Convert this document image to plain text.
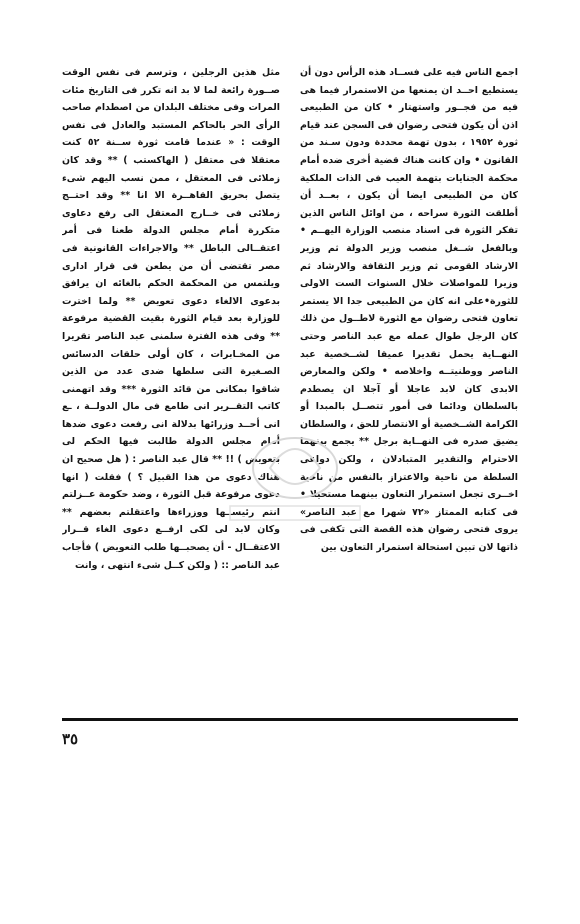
اجمع الناس فيه على فســاد هذه الرأس دون أن يستطيع احــد ان يمنعها من الاستمرار فيما هى فيه من فجــور واستهتار • كان من الطبيعى اذن أن يكون فتحى رضوان فى السجن عند قيام ثورة ١٩٥٢ ، بدون تهمة محددة ودون سـند من القانون • وان كانت هناك قضية أخرى ضده أمام محكمة الجنايات بتهمة العيب فى الذات الملكية كان من الطبيعى ايضا أن يكون ، بعــد أن أطلقت الثورة سراحه ، من اوائل الناس الذين تفكر الثورة فى اسناد منصب الوزارة اليهــم • وبالفعل شــغل منصب وزير الدولة ثم وزير الارشاد القومى ثم وزير الثقافة والارشاد ثم وزيرا للمواصلات خلال السنوات الست الاولى للثورة•على انه كان من الطبيعى جدا الا يستمر تعاون فتحى رضوان مع الثورة لاطــول من ذلك كان الرجل طوال عمله مع عبد الناصر وحتى النهــاية يحمل تقديرا عميقا لشــخصية عبد الناصر ووطنيتــه واخلاصه • ولكن والمعارض الابدى كان لابد عاجلا أو آجلا ان يصطدم بالسلطان ودائما فى أمور تتصــل بالمبدا أو الكرامة الشــخصية أو الانتصار للحق ، والسلطان يضيق صدره فى النهــاية برجل ** يجمع بينهما الاحترام والتقدير المتبادلان ، ولكن دواعى السلطة من ناحية والاعتزاز بالنفس من ناحية اخــرى تجعل استمرار التعاون بينهما مستحيلا • فى كتابه الممتاز «٧٢ شهرا مع عبد الناصر» يروى فتحى رضوان هذه القصة التى تكفى فى ذاتها لان تبين استحالة استمرار التعاون بين

مثل هذين الرجلين ، وترسم فى نفس الوقت صــورة رائعة لما لا بد انه تكرر فى التاريخ مئات المرات وفى مختلف البلدان من اصطدام صاحب الرأى الحر بالحاكم المستبد والعادل فى نفس الوقت : « عندما قامت ثورة ســنة ٥٢ كنت معتقلا فى معتقل ( الهاكستب ) ** وقد كان زملائى فى المعتقل ، ممن نسب اليهم شىء يتصل بحريق القاهــرة الا انا ** وقد احتــج زملائى فى خــارج المعتقل الى رفع دعاوى متكررة أمام مجلس الدولة طعنا فى أمر اعتقــالى الباطل ** والاجراءات القانونية فى مصر تقتضى أن من يطعن فى قرار ادارى ويلتمس من المحكمة الحكم بالغائه ان يرافق بدعوى الالغاء دعوى تعويض ** ولما اخترت للوزارة بعد قيام الثورة بقيت القضية مرفوعة ** وفى هذه الفترة سلمنى عبد الناصر تقريرا من المخـابرات ، كان أولى حلقات الدسائس الصـغيرة التى سلطها ضدى عدد من الذين شاقوا بمكانى من قائد الثورة *** وقد اتهمنى كاتب التقــرير انى طامع فى مال الدولــة ، ـع انى أحــد وزرائها بدلالة انى رفعت دعوى ضدها أمام مجلس الدولة طالبت فيها الحكم لى بتعويض ) !! ** قال عبد الناصر : ( هل صحيح ان هناك دعوى من هذا القبيل ؟ ) فقلت ( انها دعوى مرفوعة قبل الثورة ، وضد حكومة عــزلتم انتم رئيســها ووزراءها واعتقلتم بعضهم ** وكان لابد لى لكى ارفــع دعوى الغاء قــرار الاعتقــال - أن يصحبــها طلب التعويض ) فأجاب عبد الناصر :: ( ولكن كــل شىء انتهى ، وانت

٣٥
